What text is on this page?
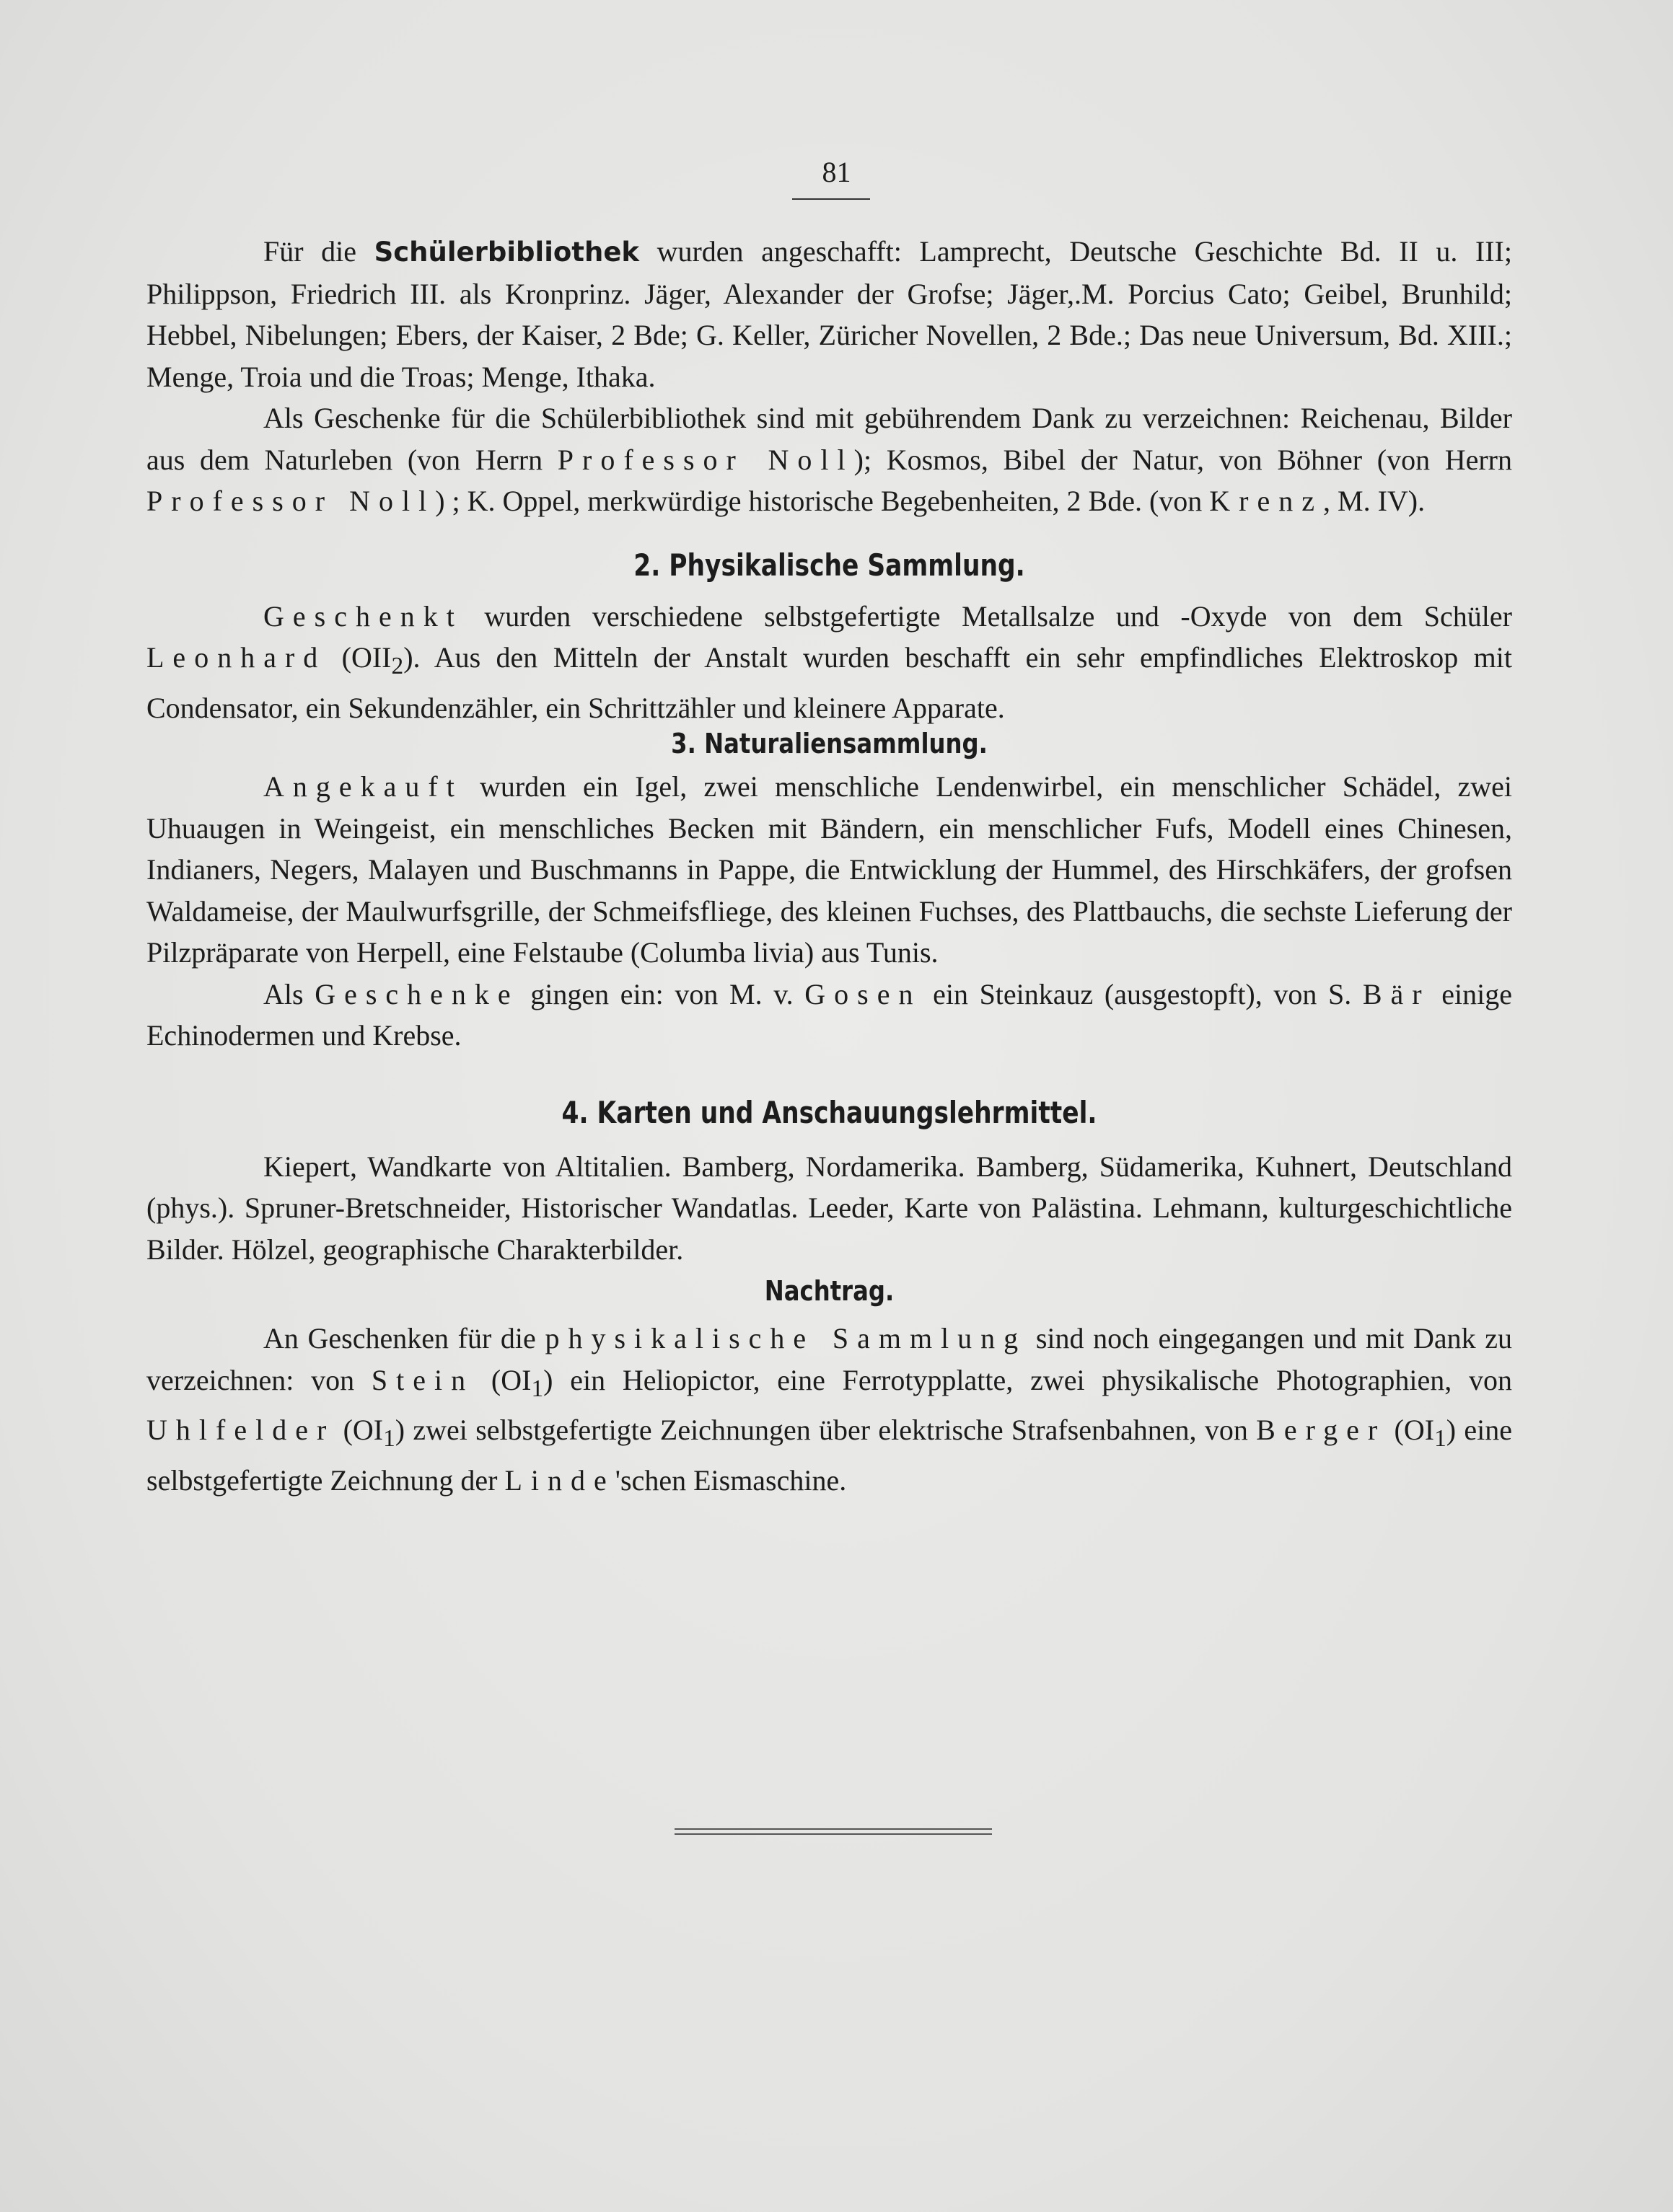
81

Für die Schülerbibliothek wurden angeschafft: Lamprecht, Deutsche Geschichte Bd. II u. III; Philippson, Friedrich III. als Kronprinz. Jäger, Alexander der Grofse; Jäger,.M. Porcius Cato; Geibel, Brunhild; Hebbel, Nibelungen; Ebers, der Kaiser, 2 Bde; G. Keller, Züricher Novellen, 2 Bde.; Das neue Universum, Bd. XIII.; Menge, Troia und die Troas; Menge, Ithaka.

Als Geschenke für die Schülerbibliothek sind mit gebührendem Dank zu verzeichnen: Reichenau, Bilder aus dem Naturleben (von Herrn Professor Noll); Kosmos, Bibel der Natur, von Böhner (von Herrn Professor Noll) ; K. Oppel, merkwürdige historische Begebenheiten, 2 Bde. (von Krenz, M. IV).

2. Physikalische Sammlung.

Geschenkt wurden verschiedene selbstgefertigte Metallsalze und -Oxyde von dem Schüler Leonhard $(OII_2)$. Aus den Mitteln der Anstalt wurden beschafft ein sehr empfindliches Elektroskop mit Condensator, ein Sekundenzähler, ein Schrittzähler und kleinere Apparate.

3. Naturaliensammlung.

Angekauft wurden ein Igel, zwei menschliche Lendenwirbel, ein menschlicher Schädel, zwei Uhuaugen in Weingeist, ein menschliches Becken mit Bändern, ein menschlicher Fufs, Modell eines Chinesen, Indianers, Negers, Malayen und Buschmanns in Pappe, die Entwicklung der Hummel, des Hirschkäfers, der grofsen Waldameise, der Maulwurfsgrille, der Schmeifsfliege, des kleinen Fuchses, des Plattbauchs, die sechste Lieferung der Pilzpräparate von Herpell, eine Felstaube (Columba livia) aus Tunis.

Als Geschenke gingen ein: von M. v. Gosen ein Steinkauz (ausgestopft), von S. Bär einige Echinodermen und Krebse.

4. Karten und Anschauungslehrmittel.

Kiepert, Wandkarte von Altitalien. Bamberg, Nordamerika. Bamberg, Südamerika, Kuhnert, Deutschland (phys.). Spruner-Bretschneider, Historischer Wandatlas. Leeder, Karte von Palästina. Lehmann, kulturgeschichtliche Bilder. Hölzel, geographische Charakterbilder.

Nachtrag.

An Geschenken für die physikalische Sammlung sind noch eingegangen und mit Dank zu verzeichnen: von Stein $(OI_1)$ ein Heliopictor, eine Ferrotypplatte, zwei physikalische Photographien, von Uhlfelder $(OI_1)$ zwei selbstgefertigte Zeichnungen über elektrische Strafsenbahnen, von Berger $(OI_1)$ eine selbstgefertigte Zeichnung der Linde'schen Eismaschine.
